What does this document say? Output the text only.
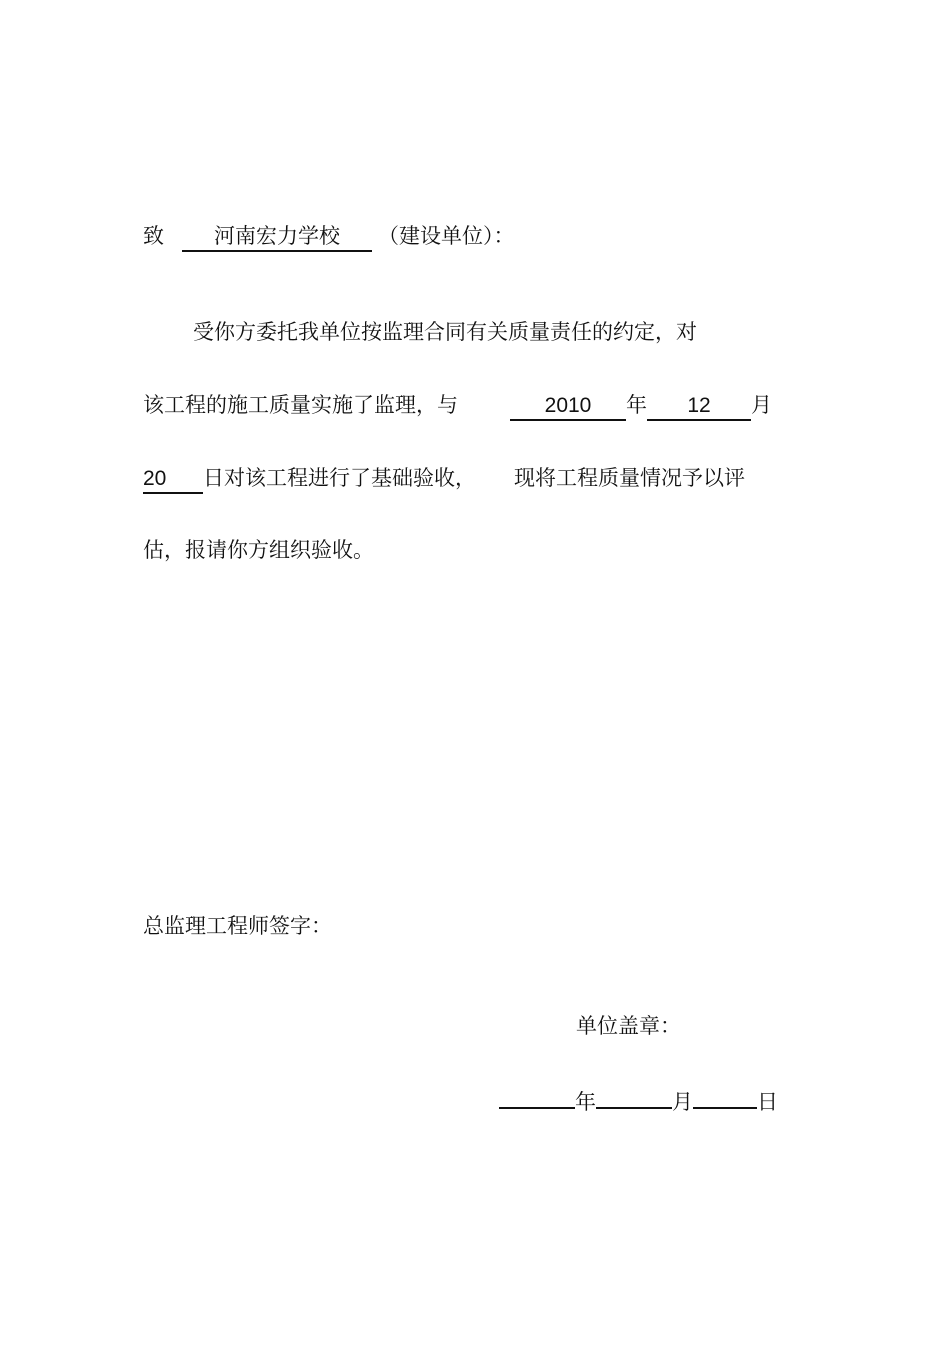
致 河南宏力学校 （建设单位）：
受你方委托我单位按监理合同有关质量责任的约定，对
该工程的施工质量实施了监理，与	2010 年 12 月
20 日对该工程进行了基础验收， 现将工程质量情况予以评
估，报请你方组织验收。
总监理工程师签字：
单位盖章：
年	月	日
